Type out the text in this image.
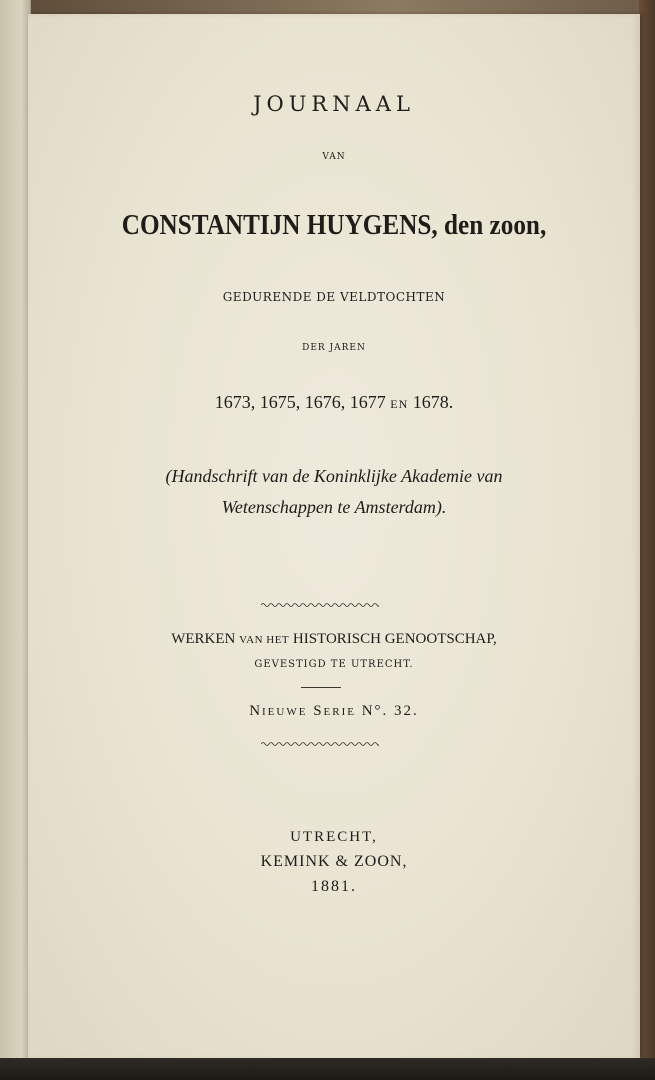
JOURNAAL
VAN
CONSTANTIJN HUYGENS, den zoon,
GEDURENDE DE VELDTOCHTEN
DER JAREN
1673, 1675, 1676, 1677 EN 1678.
(Handschrift van de Koninklijke Akademie van
Wetenschappen te Amsterdam).
WERKEN VAN HET HISTORISCH GENOOTSCHAP,
GEVESTIGD TE UTRECHT.
Nieuwe Serie N°. 32.
UTRECHT,
KEMINK & ZOON,
1881.
